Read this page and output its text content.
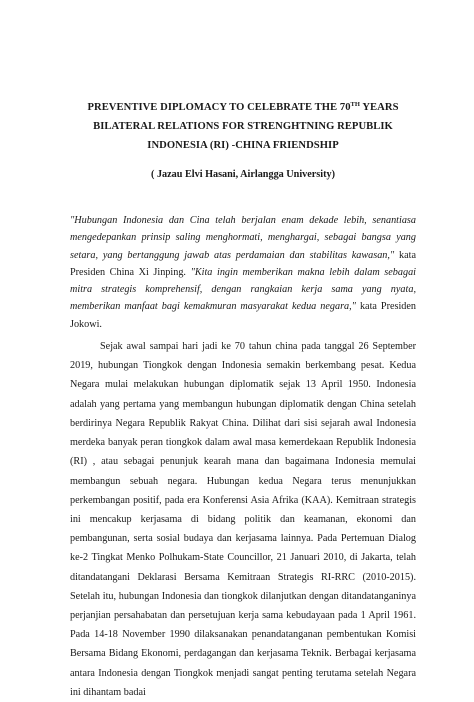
PREVENTIVE DIPLOMACY TO CELEBRATE THE 70TH YEARS BILATERAL RELATIONS FOR STRENGHTNING REPUBLIK INDONESIA (RI) -CHINA FRIENDSHIP

( Jazau Elvi Hasani, Airlangga University)

"Hubungan Indonesia dan Cina telah berjalan enam dekade lebih, senantiasa mengedepankan prinsip saling menghormati, menghargai, sebagai bangsa yang setara, yang bertanggung jawab atas perdamaian dan stabilitas kawasan," kata Presiden China Xi Jinping. "Kita ingin memberikan makna lebih dalam sebagai mitra strategis komprehensif, dengan rangkaian kerja sama yang nyata, memberikan manfaat bagi kemakmuran masyarakat kedua negara," kata Presiden Jokowi.

Sejak awal sampai hari jadi ke 70 tahun china pada tanggal 26 September 2019, hubungan Tiongkok dengan Indonesia semakin berkembang pesat. Kedua Negara mulai melakukan hubungan diplomatik sejak 13 April 1950. Indonesia adalah yang pertama yang membangun hubungan diplomatik dengan China setelah berdirinya Negara Republik Rakyat China. Dilihat dari sisi sejarah awal Indonesia merdeka banyak peran tiongkok dalam awal masa kemerdekaan Republik Indonesia (RI) , atau sebagai penunjuk kearah mana dan bagaimana Indonesia memulai membangun sebuah negara. Hubungan kedua Negara terus menunjukkan perkembangan positif, pada era Konferensi Asia Afrika (KAA). Kemitraan strategis ini mencakup kerjasama di bidang politik dan keamanan, ekonomi dan pembangunan, serta sosial budaya dan kerjasama lainnya. Pada Pertemuan Dialog ke-2 Tingkat Menko Polhukam-State Councillor, 21 Januari 2010, di Jakarta, telah ditandatangani Deklarasi Bersama Kemitraan Strategis RI-RRC (2010-2015). Setelah itu, hubungan Indonesia dan tiongkok dilanjutkan dengan ditandatanganinya perjanjian persahabatan dan persetujuan kerja sama kebudayaan pada 1 April 1961. Pada 14-18 November 1990 dilaksanakan penandatanganan pembentukan Komisi Bersama Bidang Ekonomi, perdagangan dan kerjasama Teknik. Berbagai kerjasama antara Indonesia dengan Tiongkok menjadi sangat penting terutama setelah Negara ini dihantam badai
